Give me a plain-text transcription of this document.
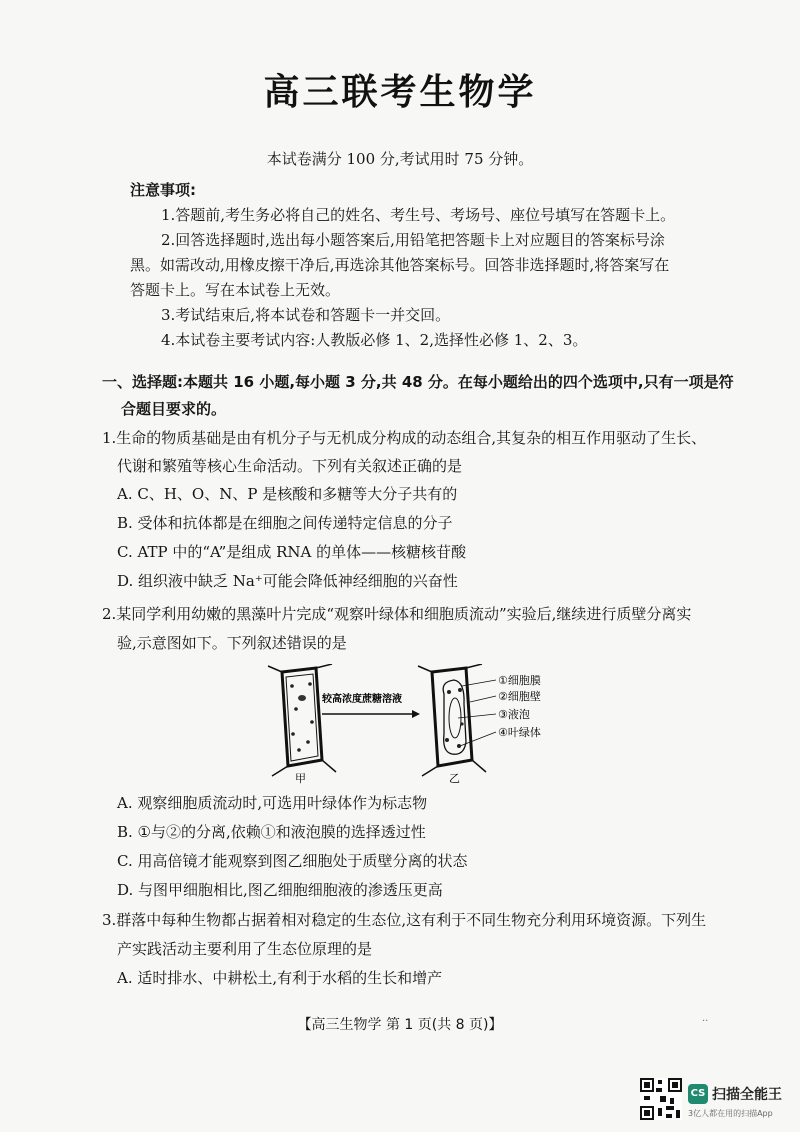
高三联考生物学
本试卷满分 100 分,考试用时 75 分钟。
注意事项:
1.答题前,考生务必将自己的姓名、考生号、考场号、座位号填写在答题卡上。
2.回答选择题时,选出每小题答案后,用铅笔把答题卡上对应题目的答案标号涂
黑。如需改动,用橡皮擦干净后,再选涂其他答案标号。回答非选择题时,将答案写在
答题卡上。写在本试卷上无效。
3.考试结束后,将本试卷和答题卡一并交回。
4.本试卷主要考试内容:人教版必修 1、2,选择性必修 1、2、3。
一、选择题:本题共 16 小题,每小题 3 分,共 48 分。在每小题给出的四个选项中,只有一项是符
合题目要求的。
1.生命的物质基础是由有机分子与无机成分构成的动态组合,其复杂的相互作用驱动了生长、
代谢和繁殖等核心生命活动。下列有关叙述正确的是
A. C、H、O、N、P 是核酸和多糖等大分子共有的
B. 受体和抗体都是在细胞之间传递特定信息的分子
C. ATP 中的“A”是组成 RNA 的单体——核糖核苷酸
D. 组织液中缺乏 Na⁺可能会降低神经细胞的兴奋性
2.某同学利用幼嫩的黑藻叶片完成“观察叶绿体和细胞质流动”实验后,继续进行质壁分离实
验,示意图如下。下列叙述错误的是
甲
较高浓度蔗糖溶液
乙
①细胞膜
②细胞壁
③液泡
④叶绿体
A. 观察细胞质流动时,可选用叶绿体作为标志物
B. ①与②的分离,依赖①和液泡膜的选择透过性
C. 用高倍镜才能观察到图乙细胞处于质壁分离的状态
D. 与图甲细胞相比,图乙细胞细胞液的渗透压更高
3.群落中每种生物都占据着相对稳定的生态位,这有利于不同生物充分利用环境资源。下列生
产实践活动主要利用了生态位原理的是
A. 适时排水、中耕松土,有利于水稻的生长和增产
【高三生物学 第 1 页(共 8 页)】	··
CS 扫描全能王
3亿人都在用的扫描App
